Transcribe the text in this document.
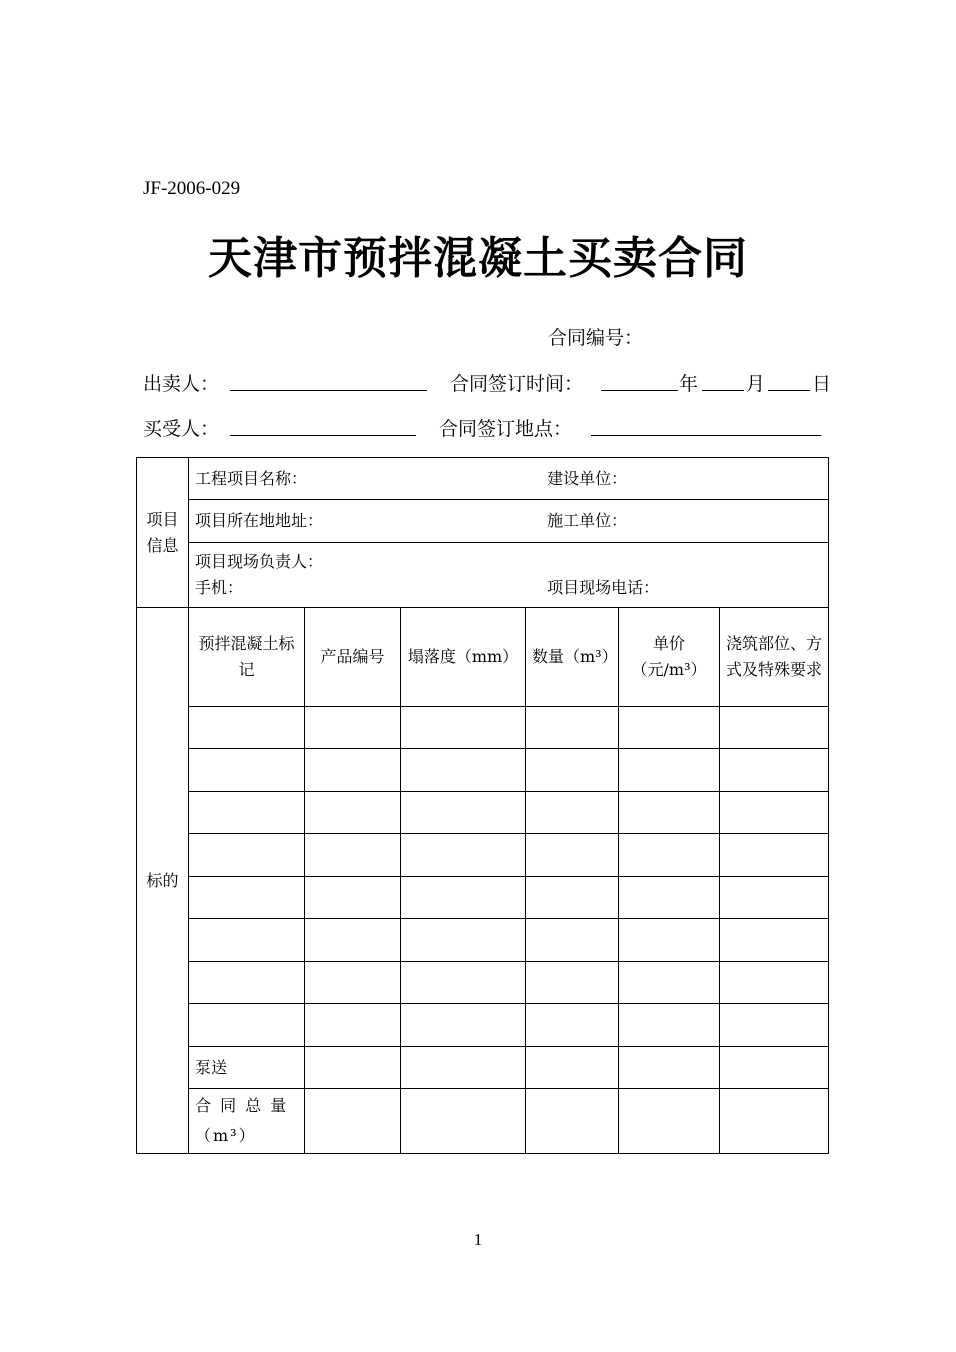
JF-2006-029
天津市预拌混凝土买卖合同
合同编号：
出卖人：	合同签订时间：	年	月 日
买受人：	合同签订地点：
项目信息	工程项目名称： 建设单位：					

	项目所在地地址： 施工单位：					

	项目现场负责人：
手机： 项目现场电话：					

标的	预拌混凝土标记	产品编号	塌落度（mm）	数量（m³）	单价（元/m³）	浇筑部位、方式及特殊要求

	泵送					
	合 同 总 量（m³）					
1
